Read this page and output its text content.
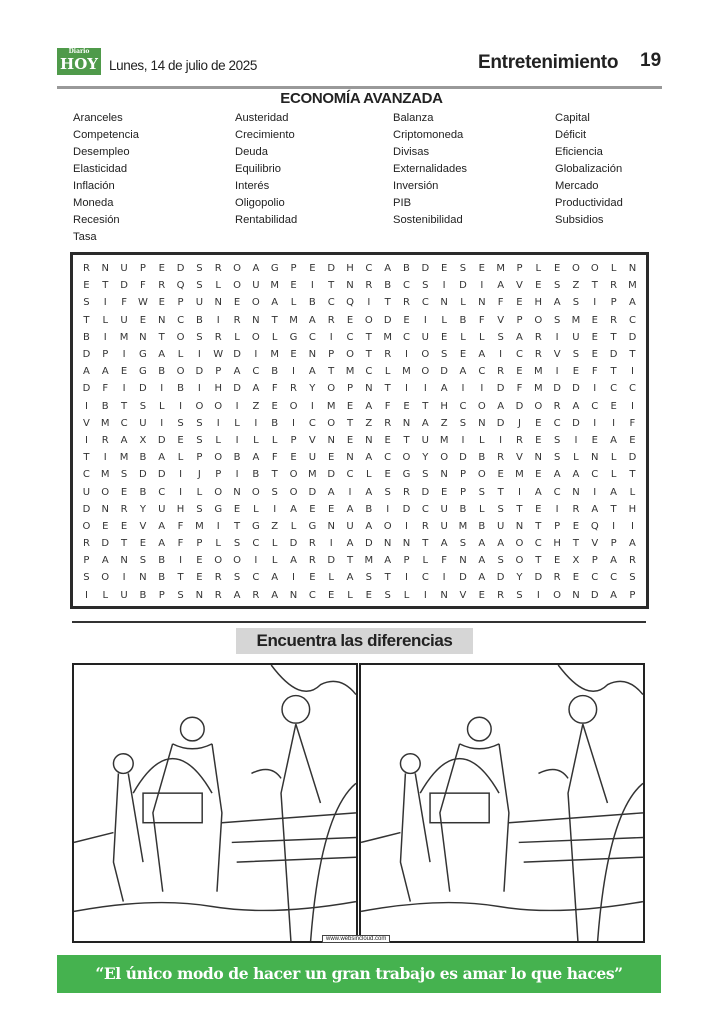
Diario
HOY Lunes, 14 de julio de 2025	Entretenimiento 19
ECONOMÍA AVANZADA
Aranceles
Competencia
Desempleo
Elasticidad
Inflación
Moneda
Recesión
Tasa
Austeridad
Crecimiento
Deuda
Equilibrio
Interés
Oligopolio
Rentabilidad
Balanza
Criptomoneda
Divisas
Externalidades
Inversión
PIB
Sostenibilidad
Capital
Déficit
Eficiencia
Globalización
Mercado
Productividad
Subsidios
R	N	U	P	E	D	S	R	O	A	G	P	E	D	H	C	A	B	D	E	S	E	M	P	L	E	O	O	L	N
E	T	D	F	R	Q	S	L	O	U	M	E	I	T	N	R	B	C	S	I	D	I	A	V	E	S	Z	T	R	M
S	I	F	W	E	P	U	N	E	O	A	L	B	C	Q	I	T	R	C	N	L	N	F	E	H	A	S	I	P	A
T	L	U	E	N	C	B	I	R	N	T	M	A	R	E	O	D	E	I	L	B	F	V	P	O	S	M	E	R	C
B	I	M	N	T	O	S	R	L	O	L	G	C	I	C	T	M	C	U	E	L	L	S	A	R	I	U	E	T	D
D	P	I	G	A	L	I	W	D	I	M	E	N	P	O	T	R	I	O	S	E	A	I	C	R	V	S	E	D	T
A	A	E	G	B	O	D	P	A	C	B	I	A	T	M	C	L	M	O	D	A	C	R	E	M	I	E	F	T	I
D	F	I	D	I	B	I	H	D	A	F	R	Y	O	P	N	T	I	I	A	I	I	D	F	M	D	D	I	C	C
I	B	T	S	L	I	O	O	I	Z	E	O	I	M	E	A	F	E	T	H	C	O	A	D	O	R	A	C	E	I
V	M	C	U	I	S	S	I	L	I	B	I	C	O	T	Z	R	N	A	Z	S	N	D	J	E	C	D	I	I	F
I	R	A	X	D	E	S	L	I	L	L	P	V	N	E	N	E	T	U	M	I	L	I	R	E	S	I	E	A	E
T	I	M	B	A	L	P	O	B	A	F	E	U	E	N	A	C	O	Y	O	D	B	R	V	N	S	L	N	L	D
C	M	S	D	D	I	J	P	I	B	T	O	M	D	C	L	E	G	S	N	P	O	E	M	E	A	A	C	L	T
U	O	E	B	C	I	L	O	N	O	S	O	D	A	I	A	S	R	D	E	P	S	T	I	A	C	N	I	A	L
D	N	R	Y	U	H	S	G	E	L	I	A	E	E	A	B	I	D	C	U	B	L	S	T	E	I	R	A	T	H
O	E	E	V	A	F	M	I	T	G	Z	L	G	N	U	A	O	I	R	U	M	B	U	N	T	P	E	Q	I	I
R	D	T	E	A	F	P	L	S	C	L	D	R	I	A	D	N	N	T	A	S	A	A	O	C	H	T	V	P	A
P	A	N	S	B	I	E	O	O	I	L	A	R	D	T	M	A	P	L	F	N	A	S	O	T	E	X	P	A	R
S	O	I	N	B	T	E	R	S	C	A	I	E	L	A	S	T	I	C	I	D	A	D	Y	D	R	E	C	C	S
I	L	U	B	P	S	N	R	A	R	A	N	C	E	L	E	S	L	I	N	V	E	R	S	I	O	N	D	A	P
Encuentra las diferencias
www.websincloud.com
“El único modo de hacer un gran trabajo es amar lo que haces”
